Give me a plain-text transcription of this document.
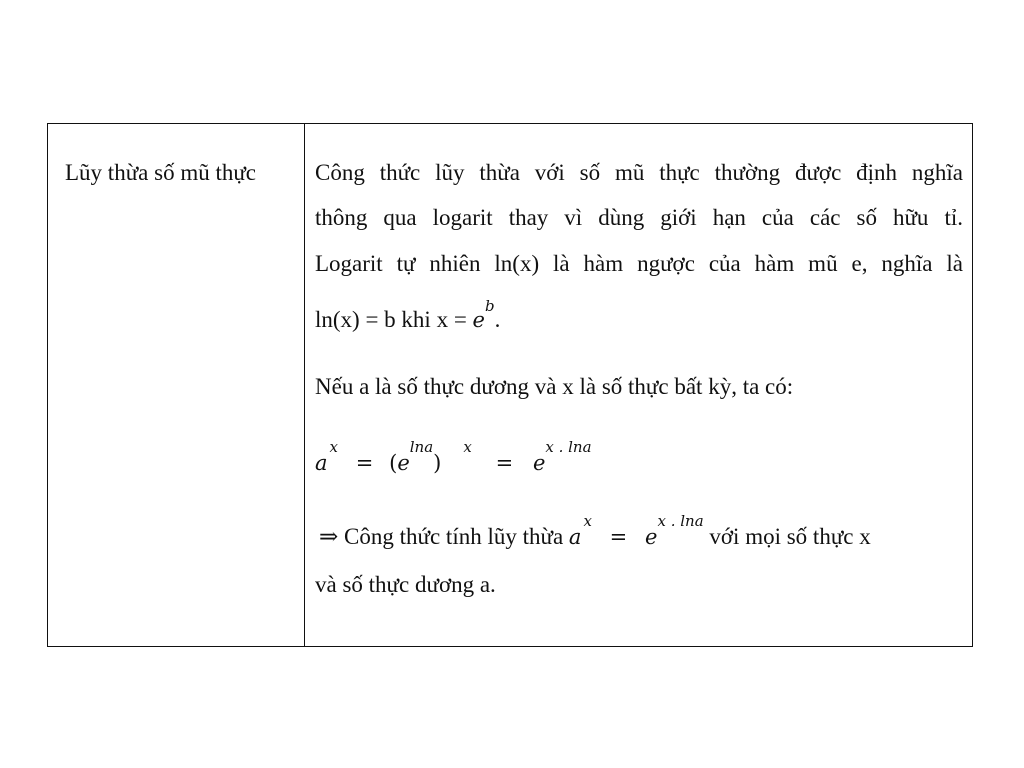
Lũy thừa số mũ thực	Công thức lũy thừa với số mũ thực thường được định nghĩa
thông qua logarit thay vì dùng giới hạn của các số hữu tỉ.
Logarit tự nhiên ln(x) là hàm ngược của hàm mũ e, nghĩa là
ln(x) = b khi $x = e^b$.
Nếu a là số thực dương và x là số thực bất kỳ, ta có:
$a^x = (e^{lna})^x = e^{x . lna}$
⇒ Công thức tính lũy thừa $a^x = e^{x . lna}$ với mọi số thực x
và số thực dương a.
